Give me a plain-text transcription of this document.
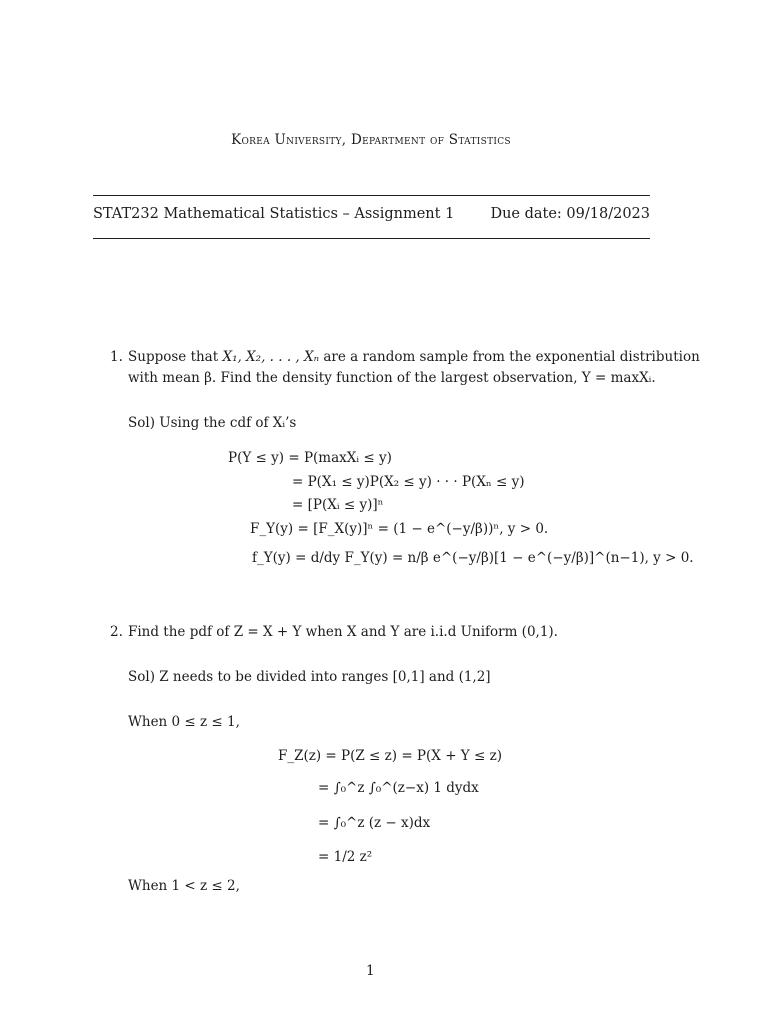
Korea University, Department of Statistics
STAT232 Mathematical Statistics – Assignment 1 Due date: 09/18/2023
1. Suppose that X₁, X₂, . . . , Xₙ are a random sample from the exponential distribution
with mean β. Find the density function of the largest observation, Y = maxXᵢ.
Sol) Using the cdf of Xᵢ’s
P(Y ≤ y) = P(maxXᵢ ≤ y)
= P(X₁ ≤ y)P(X₂ ≤ y) · · · P(Xₙ ≤ y)
= [P(Xᵢ ≤ y)]ⁿ
F_Y(y) = [F_X(y)]ⁿ = (1 − e^(−y/β))ⁿ, y > 0.
f_Y(y) = d/dy F_Y(y) = n/β e^(−y/β)[1 − e^(−y/β)]^(n−1), y > 0.
2. Find the pdf of Z = X + Y when X and Y are i.i.d Uniform (0,1).
Sol) Z needs to be divided into ranges [0,1] and (1,2]
When 0 ≤ z ≤ 1,
F_Z(z) = P(Z ≤ z) = P(X + Y ≤ z)
= ∫₀^z ∫₀^(z−x) 1 dydx
= ∫₀^z (z − x)dx
= 1/2 z²
When 1 < z ≤ 2,
1
